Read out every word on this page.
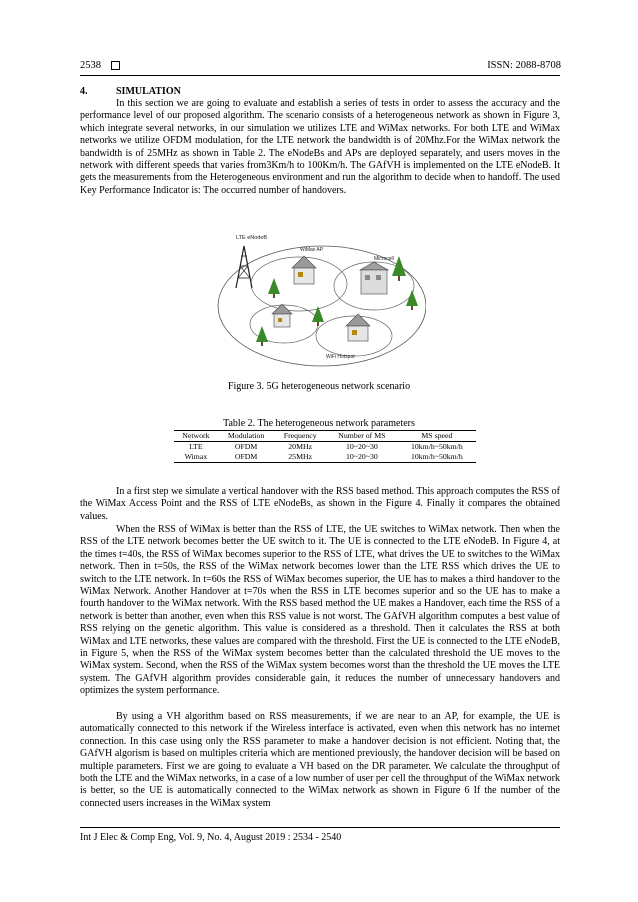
2538	ISSN: 2088-8708
4.	SIMULATION
In this section we are going to evaluate and establish a series of tests in order to assess the accuracy and the performance level of our proposed algorithm. The scenario consists of a heterogeneous network as shown in Figure 3, which integrate several networks, in our simulation we utilizes LTE and WiMax networks. For both LTE and WiMax networks we utilize OFDM modulation, for the LTE network the bandwidth is of 20Mhz.For the WiMax network the bandwidth is of 25MHz as shown in Table 2. The eNodeBs and APs are deployed separately, and users moves in the network with different speeds that varies from3Km/h to 100Km/h. The GAfVH is implemented on the LTE eNodeB. It gets the measurements from the Heterogeneous environment and run the algorithm to decide when to handoff. The used Key Performance Indicator is: The occurred number of handovers.
LTE eNodeB
WiMax AP
Microcell
WiFi Hotspot
Figure 3. 5G heterogeneous network scenario
Table 2. The heterogeneous network parameters
Network	Modulation	Frequency	Number of MS	MS speed
LTE	OFDM	20MHz	10~20~30	10km/h~50km/h
Wimax	OFDM	25MHz	10~20~30	10km/h~50km/h
In a first step we simulate a vertical handover with the RSS based method. This approach computes the RSS of the WiMax Access Point and the RSS of LTE eNodeBs, as shown in the Figure 4. Finally it compares the obtained values.
When the RSS of WiMax is better than the RSS of LTE, the UE switches to WiMax network. Then when the RSS of the LTE network becomes better the UE switch to it. The UE is connected to the LTE eNodeB. In Figure 4, at the times t=40s, the RSS of WiMax becomes superior to the RSS of LTE, what drives the UE to switches to the WiMax network. Then in t=50s, the RSS of the WiMax network becomes lower than the LTE RSS which drives the UE to switch to the LTE network. In t=60s the RSS of WiMax becomes superior, the UE has to makes a third handover to the WiMax Network. Another Handover at t=70s when the RSS in LTE becomes superior and so the UE has to make a fourth handover to the WiMax network. With the RSS based method the UE makes a Handover, each time the RSS of a network is better than another, even when this RSS value is not worst. The GAfVH algorithm computes a best value of RSS relying on the genetic algorithm. This value is considered as a threshold. Then it calculates the RSS at both WiMax and LTE networks, these values are compared with the threshold. First the UE is connected to the LTE eNodeB, in Figure 5, when the RSS of the WiMax system becomes better than the calculated threshold the UE moves to the WiMax system. Second, when the RSS of the WiMax system becomes worst than the threshold the UE moves the LTE system. The GAfVH algorithm provides considerable gain, it reduces the number of unnecessary handovers and optimizes the system performance.
By using a VH algorithm based on RSS measurements, if we are near to an AP, for example, the UE is automatically connected to this network if the Wireless interface is activated, even when this network has no internet connection. In this case using only the RSS parameter to make a handover decision is not efficient. Noting that, the GAfVH algorism is based on multiples criteria which are mentioned previously, the handover decision will be based on multiple parameters. First we are going to evaluate a VH based on the DR parameter. We calculate the throughput of both the LTE and the WiMax networks, in a case of a low number of user per cell the throughput of the WiMax network is better, so the UE is automatically connected to the WiMax network as shown in Figure 6 If the number of the connected users increases in the WiMax system
Int J Elec & Comp Eng, Vol. 9, No. 4, August 2019 : 2534 - 2540
